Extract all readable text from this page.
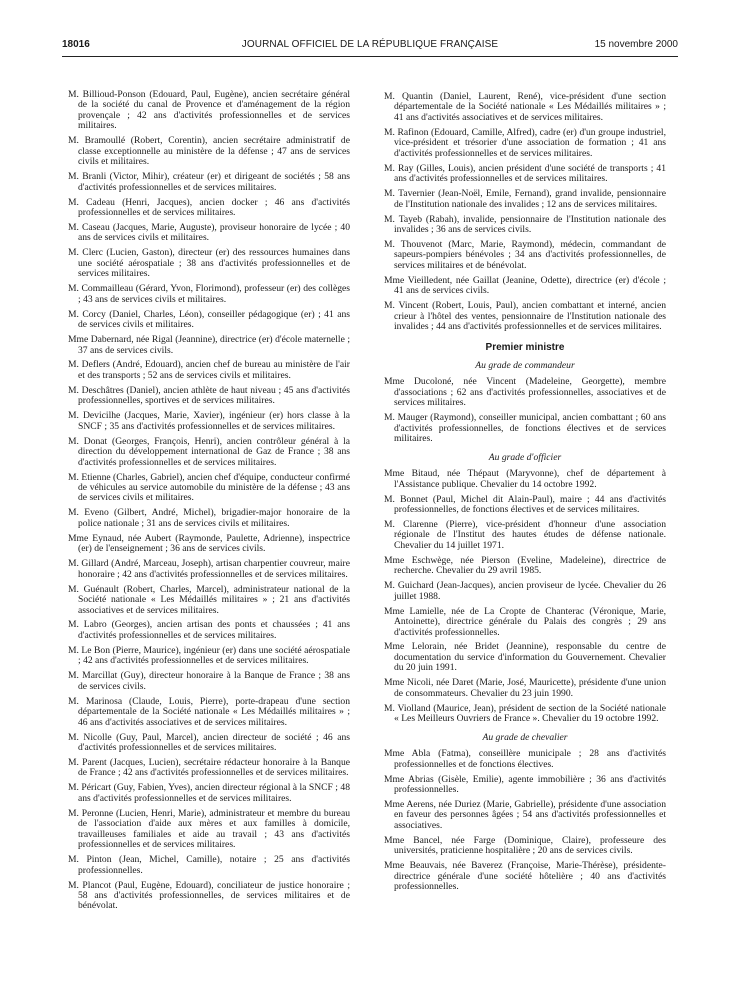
18016	JOURNAL OFFICIEL DE LA RÉPUBLIQUE FRANÇAISE	15 novembre 2000

M. Billioud-Ponson (Edouard, Paul, Eugène), ancien secrétaire général de la société du canal de Provence et d'aménagement de la région provençale ; 42 ans d'activités professionnelles et de services militaires.

M. Bramoullé (Robert, Corentin), ancien secrétaire administratif de classe exceptionnelle au ministère de la défense ; 47 ans de services civils et militaires.

M. Branli (Victor, Mihir), créateur (er) et dirigeant de sociétés ; 58 ans d'activités professionnelles et de services militaires.

M. Cadeau (Henri, Jacques), ancien docker ; 46 ans d'activités professionnelles et de services militaires.

M. Caseau (Jacques, Marie, Auguste), proviseur honoraire de lycée ; 40 ans de services civils et militaires.

M. Clerc (Lucien, Gaston), directeur (er) des ressources humaines dans une société aérospatiale ; 38 ans d'activités professionnelles et de services militaires.

M. Commailleau (Gérard, Yvon, Florimond), professeur (er) des collèges ; 43 ans de services civils et militaires.

M. Corcy (Daniel, Charles, Léon), conseiller pédagogique (er) ; 41 ans de services civils et militaires.

Mme Dabernard, née Rigal (Jeannine), directrice (er) d'école maternelle ; 37 ans de services civils.

M. Deflers (André, Edouard), ancien chef de bureau au ministère de l'air et des transports ; 52 ans de services civils et militaires.

M. Deschâtres (Daniel), ancien athlète de haut niveau ; 45 ans d'activités professionnelles, sportives et de services militaires.

M. Devicilhe (Jacques, Marie, Xavier), ingénieur (er) hors classe à la SNCF ; 35 ans d'activités professionnelles et de services militaires.

M. Donat (Georges, François, Henri), ancien contrôleur général à la direction du développement international de Gaz de France ; 38 ans d'activités professionnelles et de services militaires.

M. Etienne (Charles, Gabriel), ancien chef d'équipe, conducteur confirmé de véhicules au service automobile du ministère de la défense ; 43 ans de services civils et militaires.

M. Eveno (Gilbert, André, Michel), brigadier-major honoraire de la police nationale ; 31 ans de services civils et militaires.

Mme Eynaud, née Aubert (Raymonde, Paulette, Adrienne), inspectrice (er) de l'enseignement ; 36 ans de services civils.

M. Gillard (André, Marceau, Joseph), artisan charpentier couvreur, maire honoraire ; 42 ans d'activités professionnelles et de services militaires.

M. Guénault (Robert, Charles, Marcel), administrateur national de la Société nationale « Les Médaillés militaires » ; 21 ans d'activités associatives et de services militaires.

M. Labro (Georges), ancien artisan des ponts et chaussées ; 41 ans d'activités professionnelles et de services militaires.

M. Le Bon (Pierre, Maurice), ingénieur (er) dans une société aérospatiale ; 42 ans d'activités professionnelles et de services militaires.

M. Marcillat (Guy), directeur honoraire à la Banque de France ; 38 ans de services civils.

M. Marinosa (Claude, Louis, Pierre), porte-drapeau d'une section départementale de la Société nationale « Les Médaillés militaires » ; 46 ans d'activités associatives et de services militaires.

M. Nicolle (Guy, Paul, Marcel), ancien directeur de société ; 46 ans d'activités professionnelles et de services militaires.

M. Parent (Jacques, Lucien), secrétaire rédacteur honoraire à la Banque de France ; 42 ans d'activités professionnelles et de services militaires.

M. Péricart (Guy, Fabien, Yves), ancien directeur régional à la SNCF ; 48 ans d'activités professionnelles et de services militaires.

M. Peronne (Lucien, Henri, Marie), administrateur et membre du bureau de l'association d'aide aux mères et aux familles à domicile, travailleuses familiales et aide au travail ; 43 ans d'activités professionnelles et de services militaires.

M. Pinton (Jean, Michel, Camille), notaire ; 25 ans d'activités professionnelles.

M. Plancot (Paul, Eugène, Edouard), conciliateur de justice honoraire ; 58 ans d'activités professionnelles, de services militaires et de bénévolat.

M. Quantin (Daniel, Laurent, René), vice-président d'une section départementale de la Société nationale « Les Médaillés militaires » ; 41 ans d'activités associatives et de services militaires.

M. Rafinon (Edouard, Camille, Alfred), cadre (er) d'un groupe industriel, vice-président et trésorier d'une association de formation ; 41 ans d'activités professionnelles et de services militaires.

M. Ray (Gilles, Louis), ancien président d'une société de transports ; 41 ans d'activités professionnelles et de services militaires.

M. Tavernier (Jean-Noël, Emile, Fernand), grand invalide, pensionnaire de l'Institution nationale des invalides ; 12 ans de services militaires.

M. Tayeb (Rabah), invalide, pensionnaire de l'Institution nationale des invalides ; 36 ans de services civils.

M. Thouvenot (Marc, Marie, Raymond), médecin, commandant de sapeurs-pompiers bénévoles ; 34 ans d'activités professionnelles, de services militaires et de bénévolat.

Mme Vieilledent, née Gaillat (Jeanine, Odette), directrice (er) d'école ; 41 ans de services civils.

M. Vincent (Robert, Louis, Paul), ancien combattant et interné, ancien crieur à l'hôtel des ventes, pensionnaire de l'Institution nationale des invalides ; 44 ans d'activités professionnelles et de services militaires.

Premier ministre
Au grade de commandeur

Mme Ducoloné, née Vincent (Madeleine, Georgette), membre d'associations ; 62 ans d'activités professionnelles, associatives et de services militaires.

M. Mauger (Raymond), conseiller municipal, ancien combattant ; 60 ans d'activités professionnelles, de fonctions électives et de services militaires.

Au grade d'officier

Mme Bitaud, née Thépaut (Maryvonne), chef de département à l'Assistance publique. Chevalier du 14 octobre 1992.

M. Bonnet (Paul, Michel dit Alain-Paul), maire ; 44 ans d'activités professionnelles, de fonctions électives et de services militaires.

M. Clarenne (Pierre), vice-président d'honneur d'une association régionale de l'Institut des hautes études de défense nationale. Chevalier du 14 juillet 1971.

Mme Eschwège, née Pierson (Eveline, Madeleine), directrice de recherche. Chevalier du 29 avril 1985.

M. Guichard (Jean-Jacques), ancien proviseur de lycée. Chevalier du 26 juillet 1988.

Mme Lamielle, née de La Cropte de Chanterac (Véronique, Marie, Antoinette), directrice générale du Palais des congrès ; 29 ans d'activités professionnelles.

Mme Lelorain, née Bridet (Jeannine), responsable du centre de documentation du service d'information du Gouvernement. Chevalier du 20 juin 1991.

Mme Nicoli, née Daret (Marie, José, Mauricette), présidente d'une union de consommateurs. Chevalier du 23 juin 1990.

M. Violland (Maurice, Jean), président de section de la Société nationale « Les Meilleurs Ouvriers de France ». Chevalier du 19 octobre 1992.

Au grade de chevalier

Mme Abla (Fatma), conseillère municipale ; 28 ans d'activités professionnelles et de fonctions électives.

Mme Abrias (Gisèle, Emilie), agente immobilière ; 36 ans d'activités professionnelles.

Mme Aerens, née Duriez (Marie, Gabrielle), présidente d'une association en faveur des personnes âgées ; 54 ans d'activités professionnelles et associatives.

Mme Bancel, née Farge (Dominique, Claire), professeure des universités, praticienne hospitalière ; 20 ans de services civils.

Mme Beauvais, née Baverez (Françoise, Marie-Thérèse), présidente-directrice générale d'une société hôtelière ; 40 ans d'activités professionnelles.
